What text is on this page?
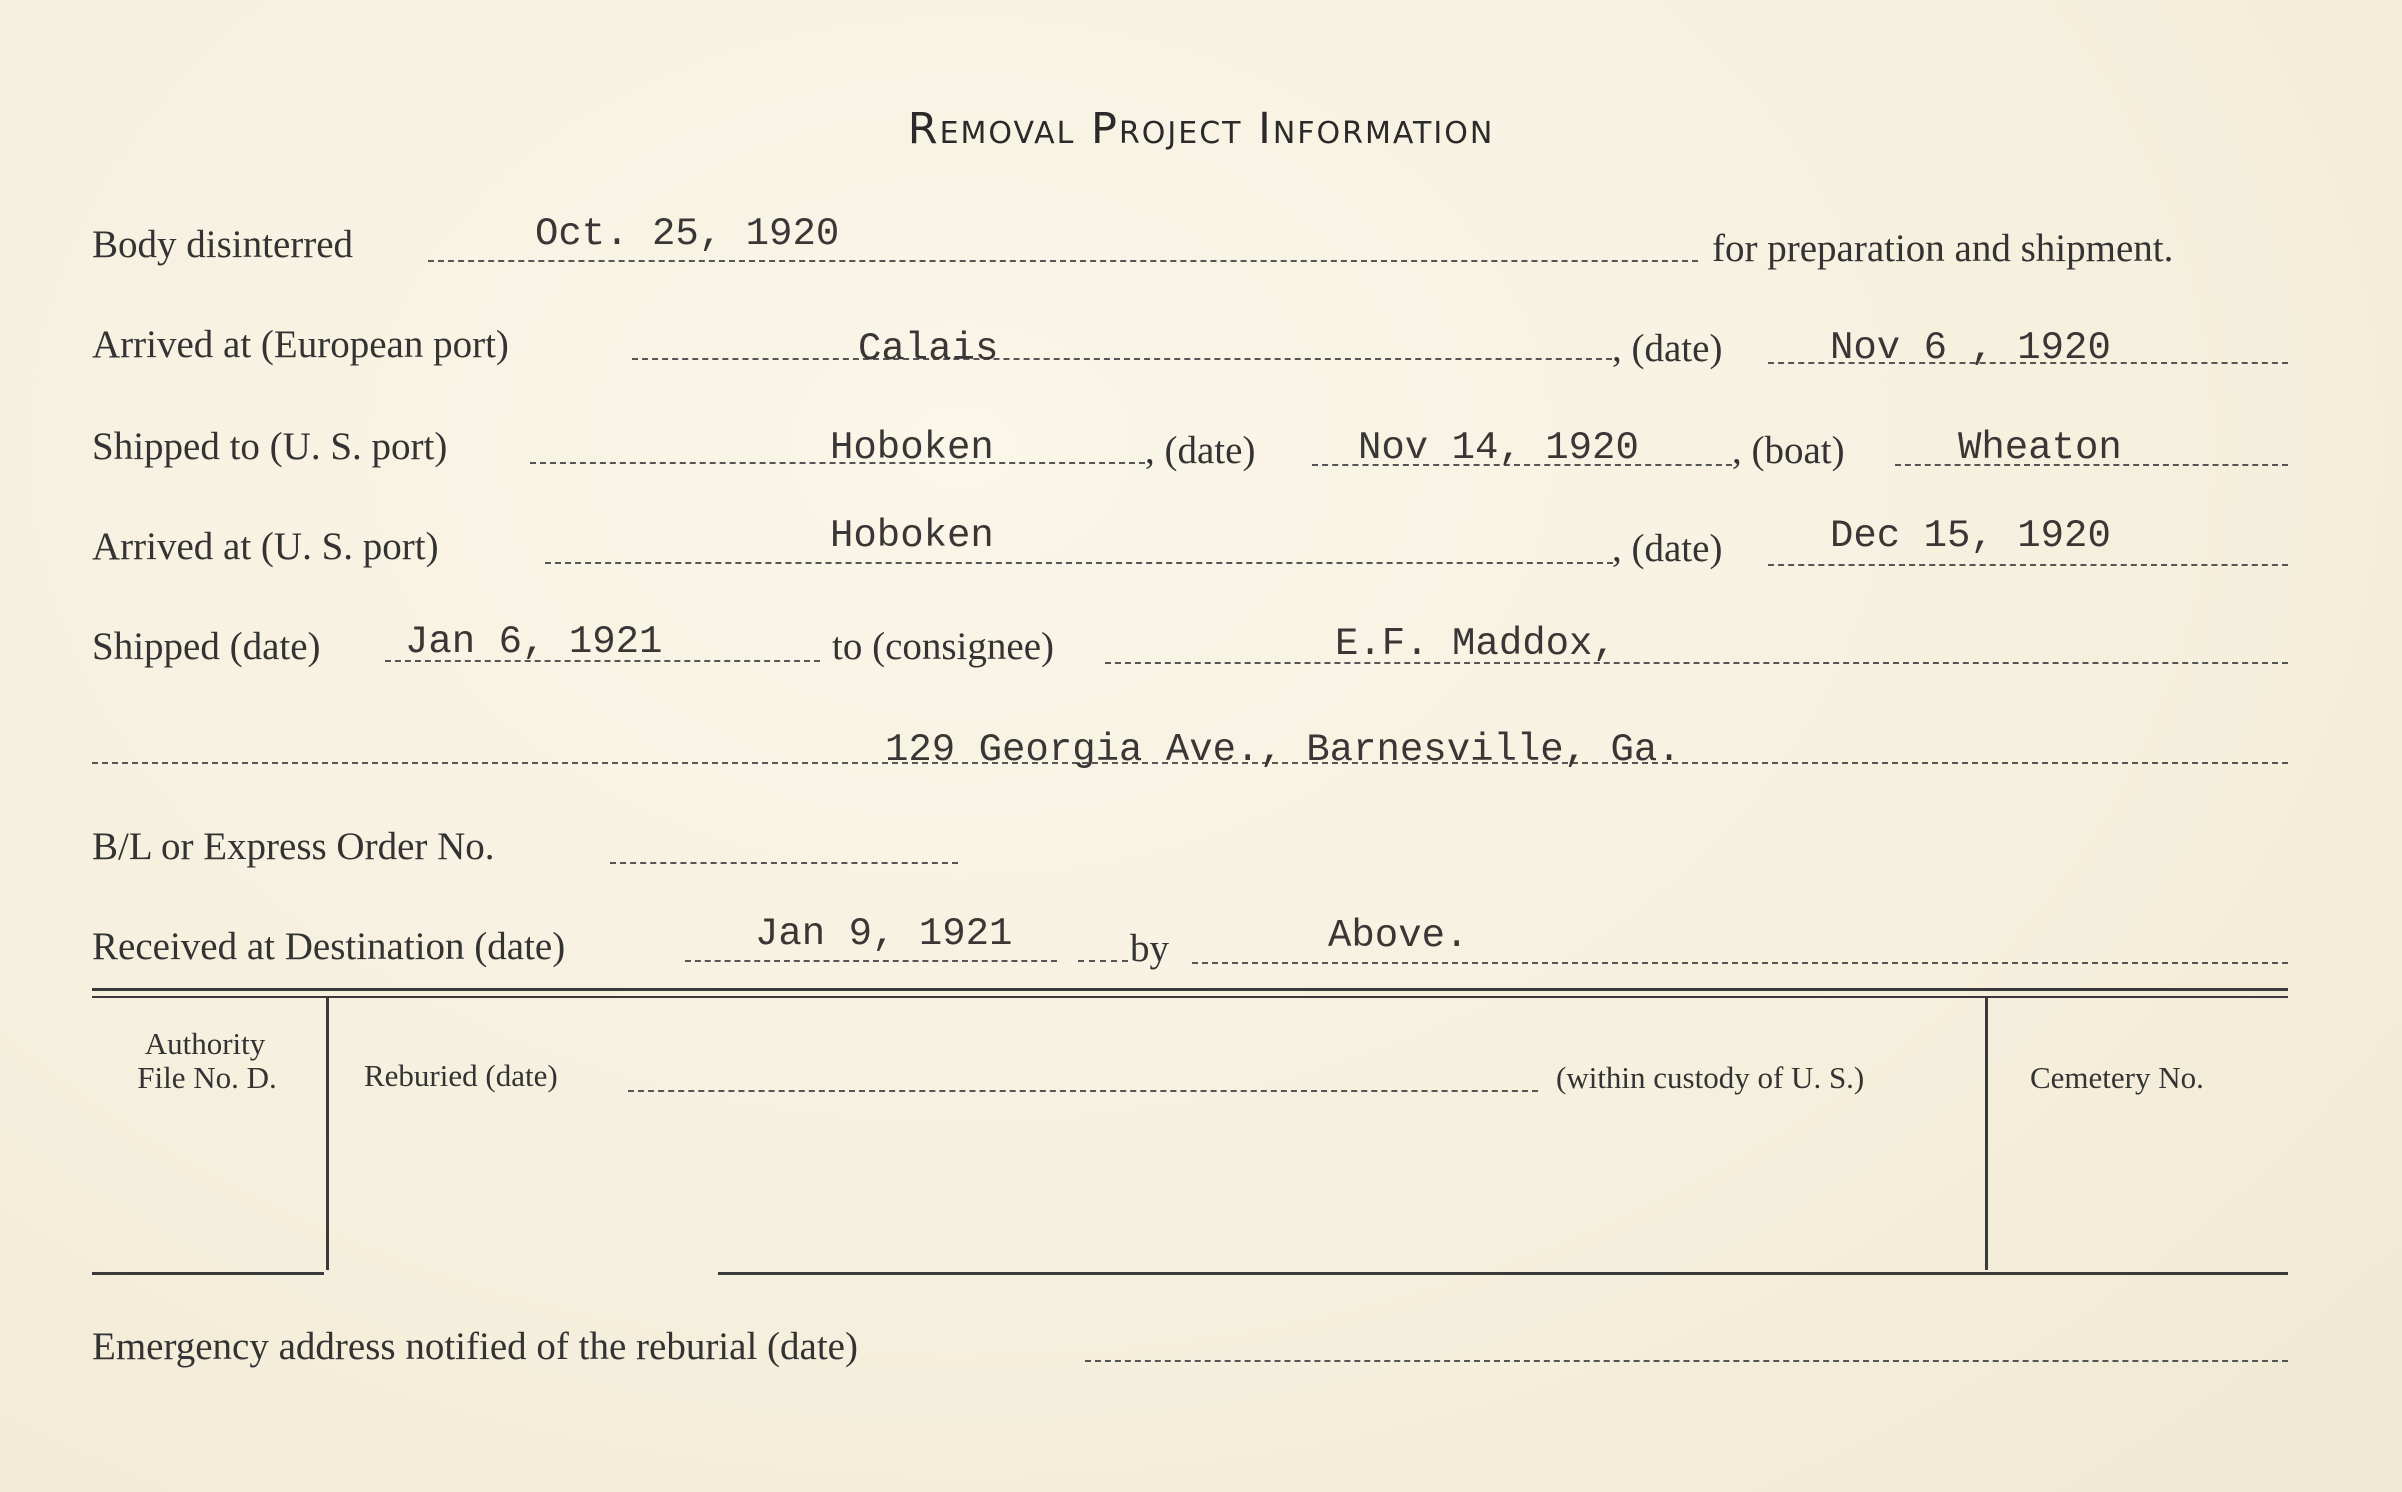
Removal Project Information
Body disinterred	Oct. 25, 1920	for preparation and shipment.
Arrived at (European port)	Calais	, (date)	Nov 6 , 1920
Shipped to (U. S. port)	Hoboken	, (date)	Nov 14, 1920 , (boat)	Wheaton
Arrived at (U. S. port)	Hoboken	, (date)	Dec 15, 1920
Shipped (date) Jan 6, 1921	to (consignee)	E.F. Maddox,
129 Georgia Ave., Barnesville, Ga.
B/L or Express Order No.
Received at Destination (date)	Jan 9, 1921	by	Above.
Authority
File No. D.	Reburied (date)	(within custody of U. S.)	Cemetery No.
Emergency address notified of the reburial (date)
